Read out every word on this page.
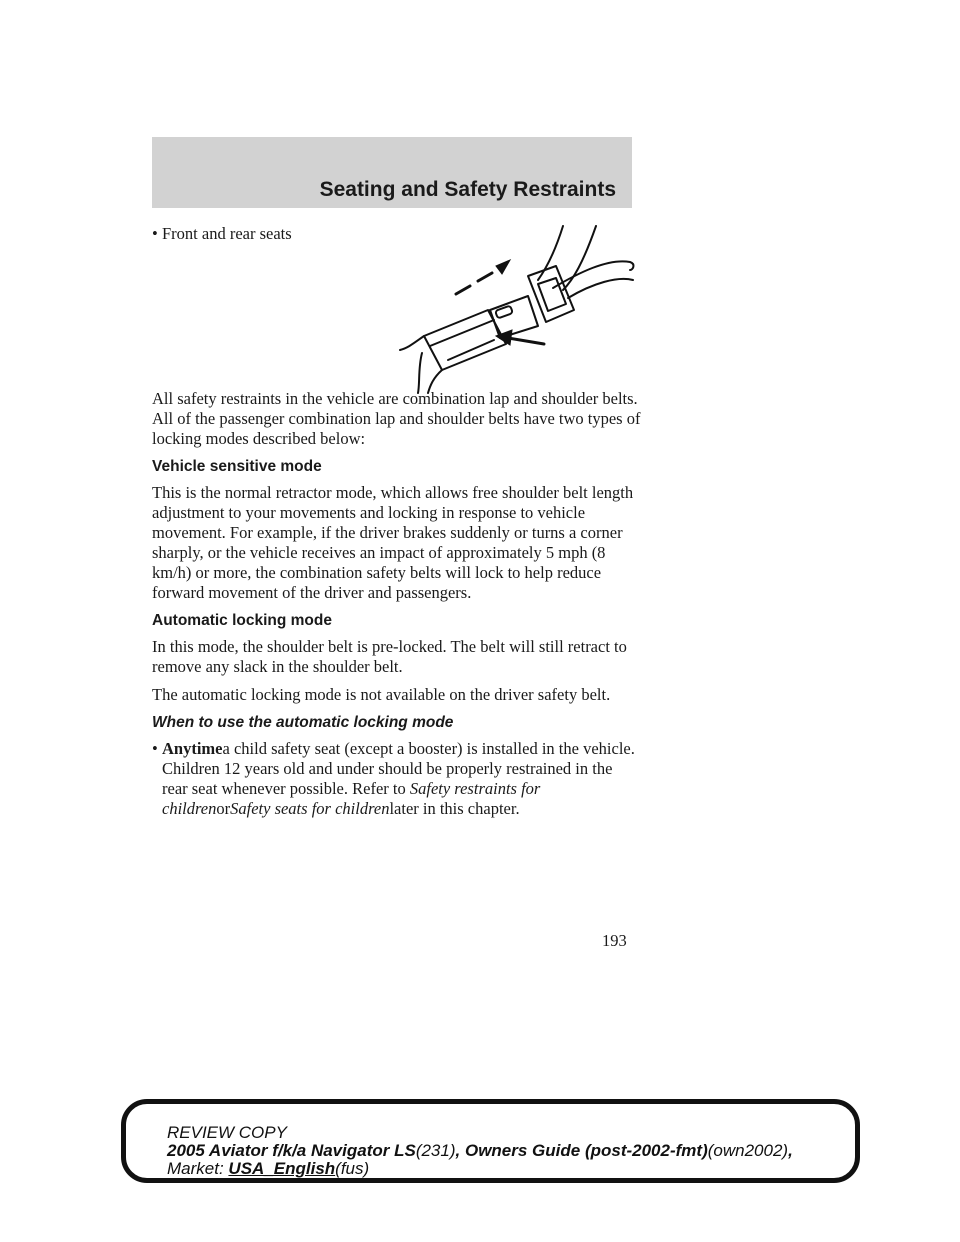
Seating and Safety Restraints

• Front and rear seats

All safety restraints in the vehicle are combination lap and shoulder belts. All of the passenger combination lap and shoulder belts have two types of locking modes described below:

Vehicle sensitive mode

This is the normal retractor mode, which allows free shoulder belt length adjustment to your movements and locking in response to vehicle movement. For example, if the driver brakes suddenly or turns a corner sharply, or the vehicle receives an impact of approximately 5 mph (8 km/h) or more, the combination safety belts will lock to help reduce forward movement of the driver and passengers.

Automatic locking mode

In this mode, the shoulder belt is pre-locked. The belt will still retract to remove any slack in the shoulder belt.

The automatic locking mode is not available on the driver safety belt.

When to use the automatic locking mode

• Anytimea child safety seat (except a booster) is installed in the vehicle. Children 12 years old and under should be properly restrained in the rear seat whenever possible. Refer to Safety restraints for childrenorSafety seats for childrenlater in this chapter.

193
REVIEW COPY
2005 Aviator f/k/a Navigator LS(231), Owners Guide (post-2002-fmt)(own2002),
Market: USA_English(fus)
